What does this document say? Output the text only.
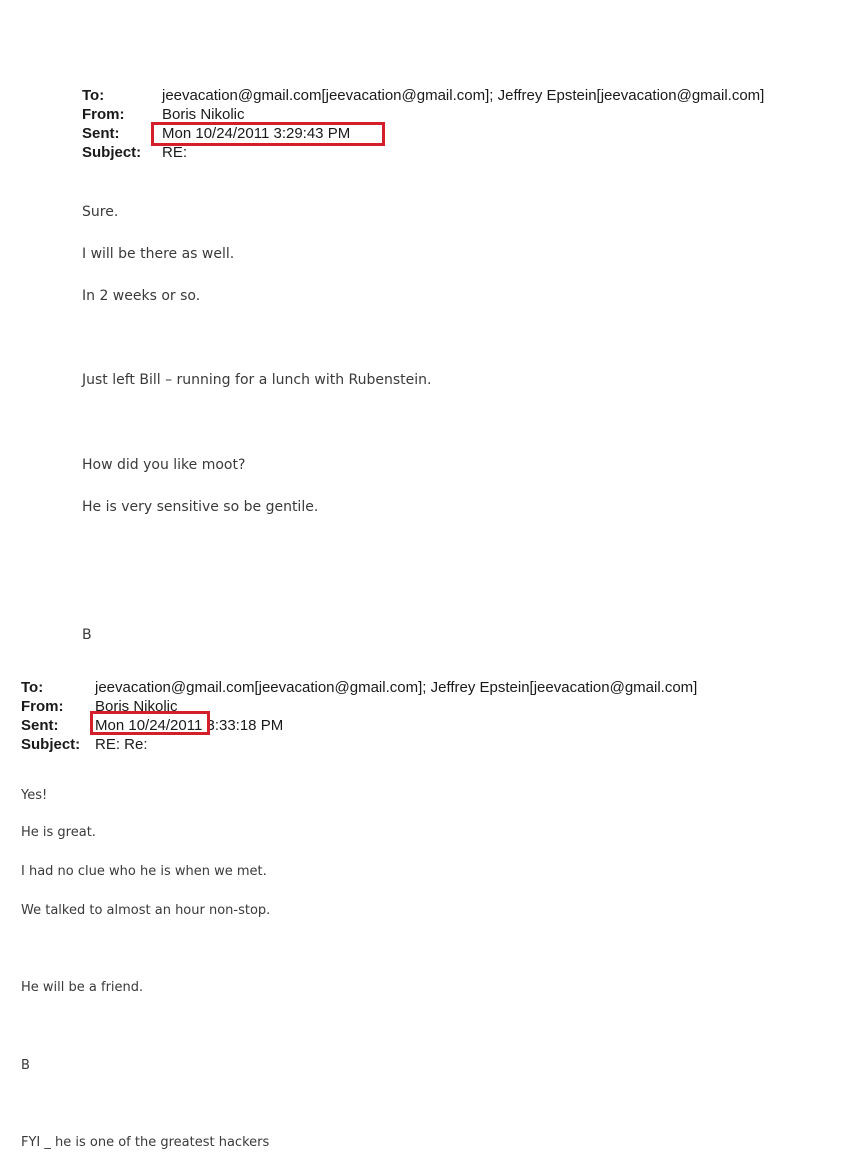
To:	jeevacation@gmail.com[jeevacation@gmail.com]; Jeffrey Epstein[jeevacation@gmail.com]
From:	Boris Nikolic
Sent:	Mon 10/24/2011 3:29:43 PM
Subject:	RE:
Sure.
I will be there as well.
In 2 weeks or so.
Just left Bill – running for a lunch with Rubenstein.
How did you like moot?
He is very sensitive so be gentile.
B
To:	jeevacation@gmail.com[jeevacation@gmail.com]; Jeffrey Epstein[jeevacation@gmail.com]
From:	Boris Nikolic
Sent:	Mon 10/24/2011 3:33:18 PM
Subject: RE: Re:
Yes!
He is great.
I had no clue who he is when we met.
We talked to almost an hour non-stop.
He will be a friend.
B
FYI _ he is one of the greatest hackers
